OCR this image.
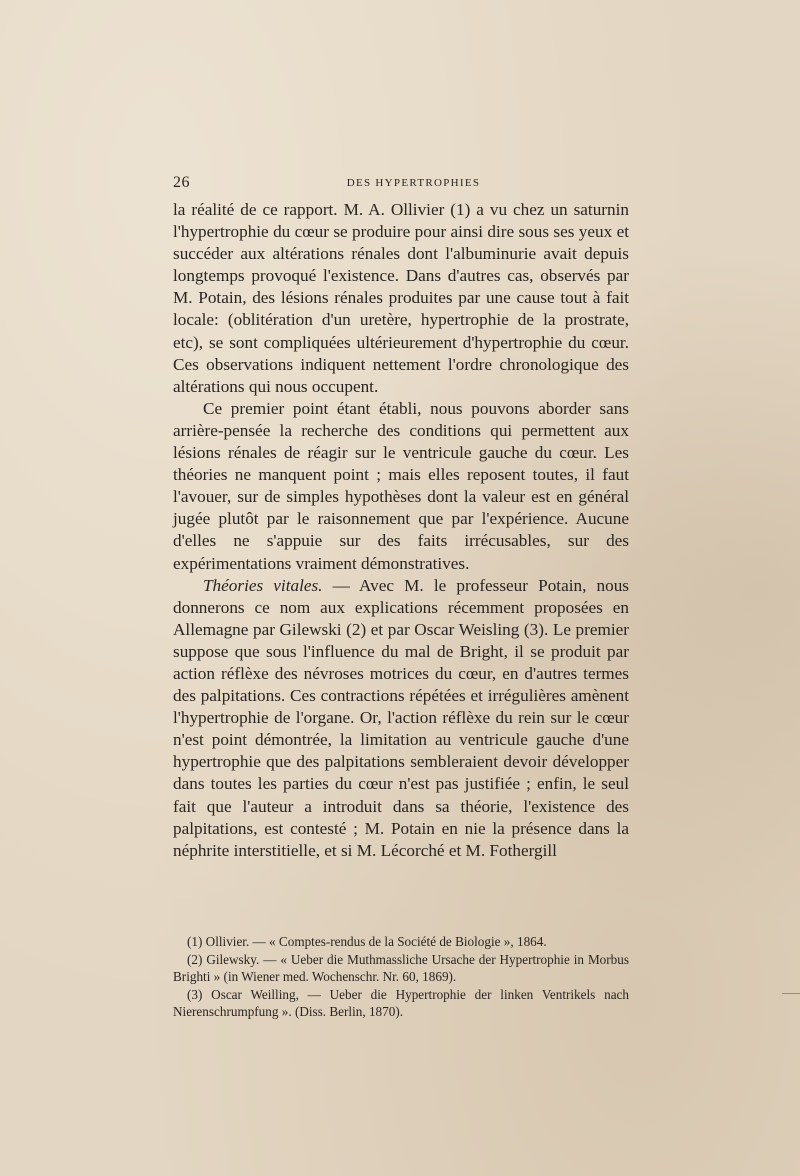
26	DES HYPERTROPHIES

la réalité de ce rapport. M. A. Ollivier (1) a vu chez un saturnin l'hypertrophie du cœur se produire pour ainsi dire sous ses yeux et succéder aux altérations rénales dont l'albuminurie avait depuis longtemps provoqué l'existence. Dans d'autres cas, observés par M. Potain, des lésions rénales produites par une cause tout à fait locale: (oblitération d'un uretère, hypertrophie de la prostrate, etc), se sont compliquées ultérieurement d'hypertrophie du cœur. Ces observations indiquent nettement l'ordre chronologique des altérations qui nous occupent.

Ce premier point étant établi, nous pouvons aborder sans arrière-pensée la recherche des conditions qui permettent aux lésions rénales de réagir sur le ventricule gauche du cœur. Les théories ne manquent point ; mais elles reposent toutes, il faut l'avouer, sur de simples hypothèses dont la valeur est en général jugée plutôt par le raisonnement que par l'expérience. Aucune d'elles ne s'appuie sur des faits irrécusables, sur des expérimentations vraiment démonstratives.

Théories vitales. — Avec M. le professeur Potain, nous donnerons ce nom aux explications récemment proposées en Allemagne par Gilewski (2) et par Oscar Weisling (3). Le premier suppose que sous l'influence du mal de Bright, il se produit par action réflèxe des névroses motrices du cœur, en d'autres termes des palpitations. Ces contractions répétées et irrégulières amènent l'hypertrophie de l'organe. Or, l'action réflèxe du rein sur le cœur n'est point démontrée, la limitation au ventricule gauche d'une hypertrophie que des palpitations sembleraient devoir développer dans toutes les parties du cœur n'est pas justifiée ; enfin, le seul fait que l'auteur a introduit dans sa théorie, l'existence des palpitations, est contesté ; M. Potain en nie la présence dans la néphrite interstitielle, et si M. Lécorché et M. Fothergill

(1) Ollivier. — « Comptes-rendus de la Société de Biologie », 1864.

(2) Gilewsky. — « Ueber die Muthmassliche Ursache der Hypertrophie in Morbus Brighti » (in Wiener med. Wochenschr. Nr. 60, 1869).

(3) Oscar Weilling, — Ueber die Hypertrophie der linken Ventrikels nach Nierenschrumpfung ». (Diss. Berlin, 1870).
